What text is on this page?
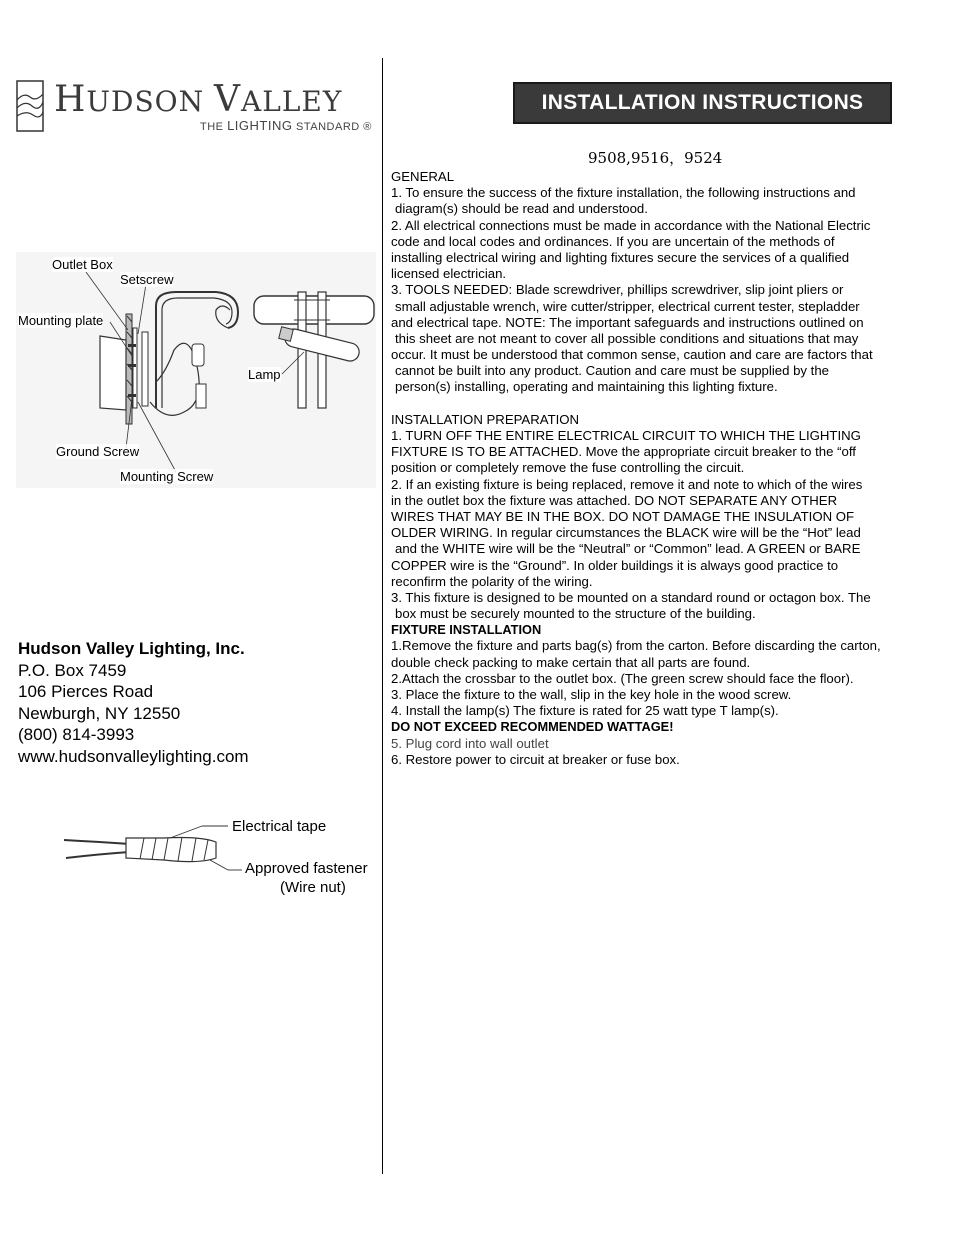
HUDSON VALLEY
THE LIGHTING STANDARD ®
INSTALLATION INSTRUCTIONS
9508,9516，9524
GENERAL
1. To ensure the success of the fixture installation, the following instructions and
diagram(s) should be read and understood.
2. All electrical connections must be made in accordance with the National Electric
code and local codes and ordinances. If you are uncertain of the methods of
installing electrical wiring and lighting fixtures secure the services of a qualified
licensed electrician.
3. TOOLS NEEDED: Blade screwdriver, phillips screwdriver, slip joint pliers or
small adjustable wrench, wire cutter/stripper, electrical current tester, stepladder
and electrical tape. NOTE: The important safeguards and instructions outlined on
this sheet are not meant to cover all possible conditions and situations that may
occur. It must be understood that common sense, caution and care are factors that
cannot be built into any product. Caution and care must be supplied by the
person(s) installing, operating and maintaining this lighting fixture.
INSTALLATION PREPARATION
1. TURN OFF THE ENTIRE ELECTRICAL CIRCUIT TO WHICH THE LIGHTING
FIXTURE IS TO BE ATTACHED. Move the appropriate circuit breaker to the “off
position or completely remove the fuse controlling the circuit.
2. If an existing fixture is being replaced, remove it and note to which of the wires
in the outlet box the fixture was attached. DO NOT SEPARATE ANY OTHER
WIRES THAT MAY BE IN THE BOX. DO NOT DAMAGE THE INSULATION OF
OLDER WIRING. In regular circumstances the BLACK wire will be the “Hot” lead
and the WHITE wire will be the “Neutral” or “Common” lead. A GREEN or BARE
COPPER wire is the “Ground”. In older buildings it is always good practice to
reconfirm the polarity of the wiring.
3. This fixture is designed to be mounted on a standard round or octagon box. The
box must be securely mounted to the structure of the building.
FIXTURE INSTALLATION
1.Remove the fixture and parts bag(s) from the carton. Before discarding the carton,
double check packing to make certain that all parts are found.
2.Attach the crossbar to the outlet box. (The green screw should face the floor).
3. Place the fixture to the wall, slip in the key hole in the wood screw.
4. Install the lamp(s) The fixture is rated for 25 watt type T lamp(s).
DO NOT EXCEED RECOMMENDED WATTAGE!
5. Plug cord into wall outlet
6. Restore power to circuit at breaker or fuse box.
Outlet Box
Setscrew
Mounting plate
Lamp
Ground Screw
Mounting Screw
Hudson Valley Lighting, Inc.
P.O. Box 7459
106 Pierces Road
Newburgh, NY 12550
(800) 814-3993
www.hudsonvalleylighting.com
Electrical tape
Approved fastener
(Wire nut)
